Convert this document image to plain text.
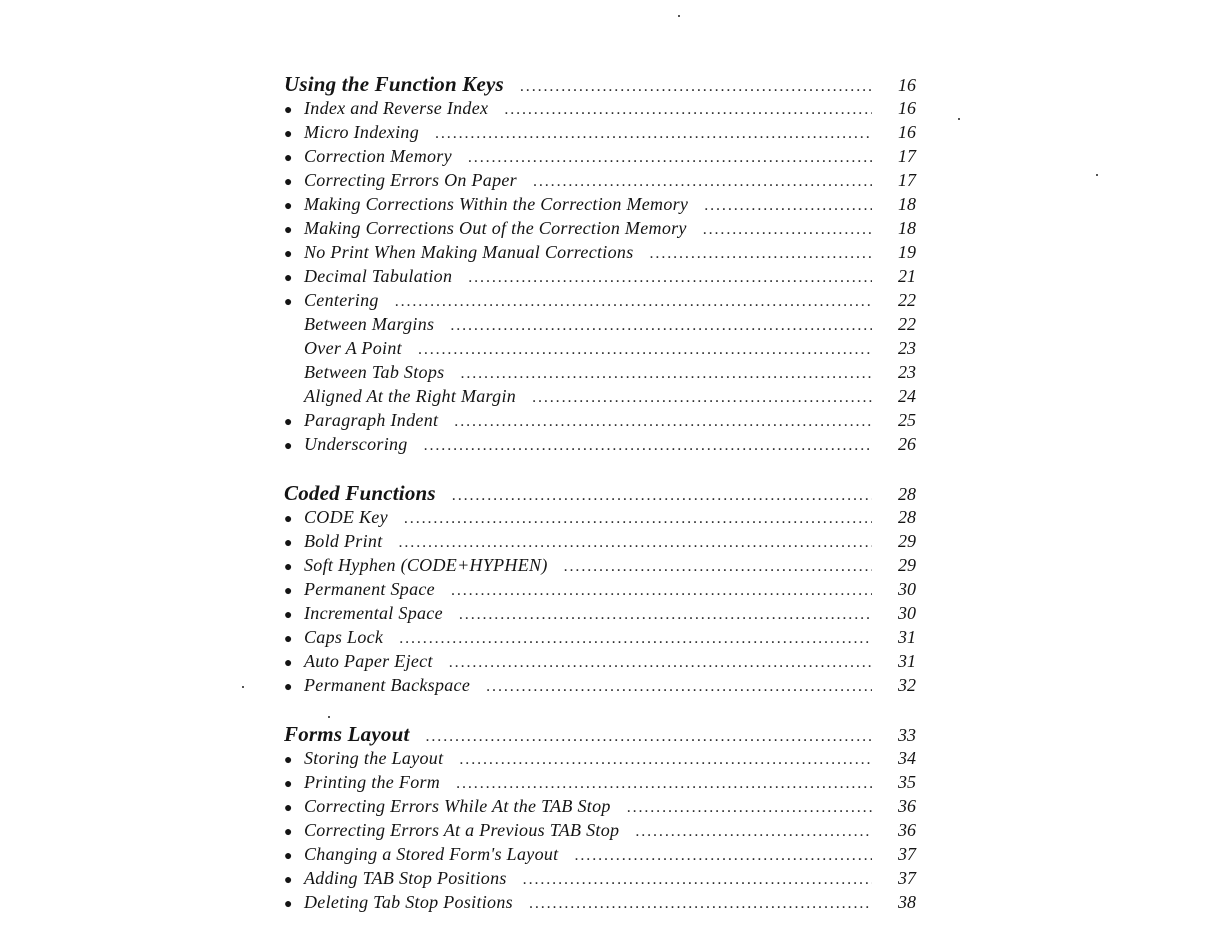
Using the Function Keys .....	16
● Index and Reverse Index .....	16
● Micro Indexing .....	16
● Correction Memory .....	17
● Correcting Errors On Paper .....	17
● Making Corrections Within the Correction Memory .....	18
● Making Corrections Out of the Correction Memory .....	18
● No Print When Making Manual Corrections .....	19
● Decimal Tabulation .....	21
● Centering .....	22
Between Margins .....	22
Over A Point .....	23
Between Tab Stops .....	23
Aligned At the Right Margin .....	24
● Paragraph Indent .....	25
● Underscoring .....	26
Coded Functions .....	28
● CODE Key .....	28
● Bold Print .....	29
● Soft Hyphen (CODE+HYPHEN) .....	29
● Permanent Space .....	30
● Incremental Space .....	30
● Caps Lock .....	31
● Auto Paper Eject .....	31
● Permanent Backspace .....	32
Forms Layout .....	33
● Storing the Layout .....	34
● Printing the Form .....	35
● Correcting Errors While At the TAB Stop .....	36
● Correcting Errors At a Previous TAB Stop .....	36
● Changing a Stored Form's Layout .....	37
● Adding TAB Stop Positions .....	37
● Deleting Tab Stop Positions .....	38
